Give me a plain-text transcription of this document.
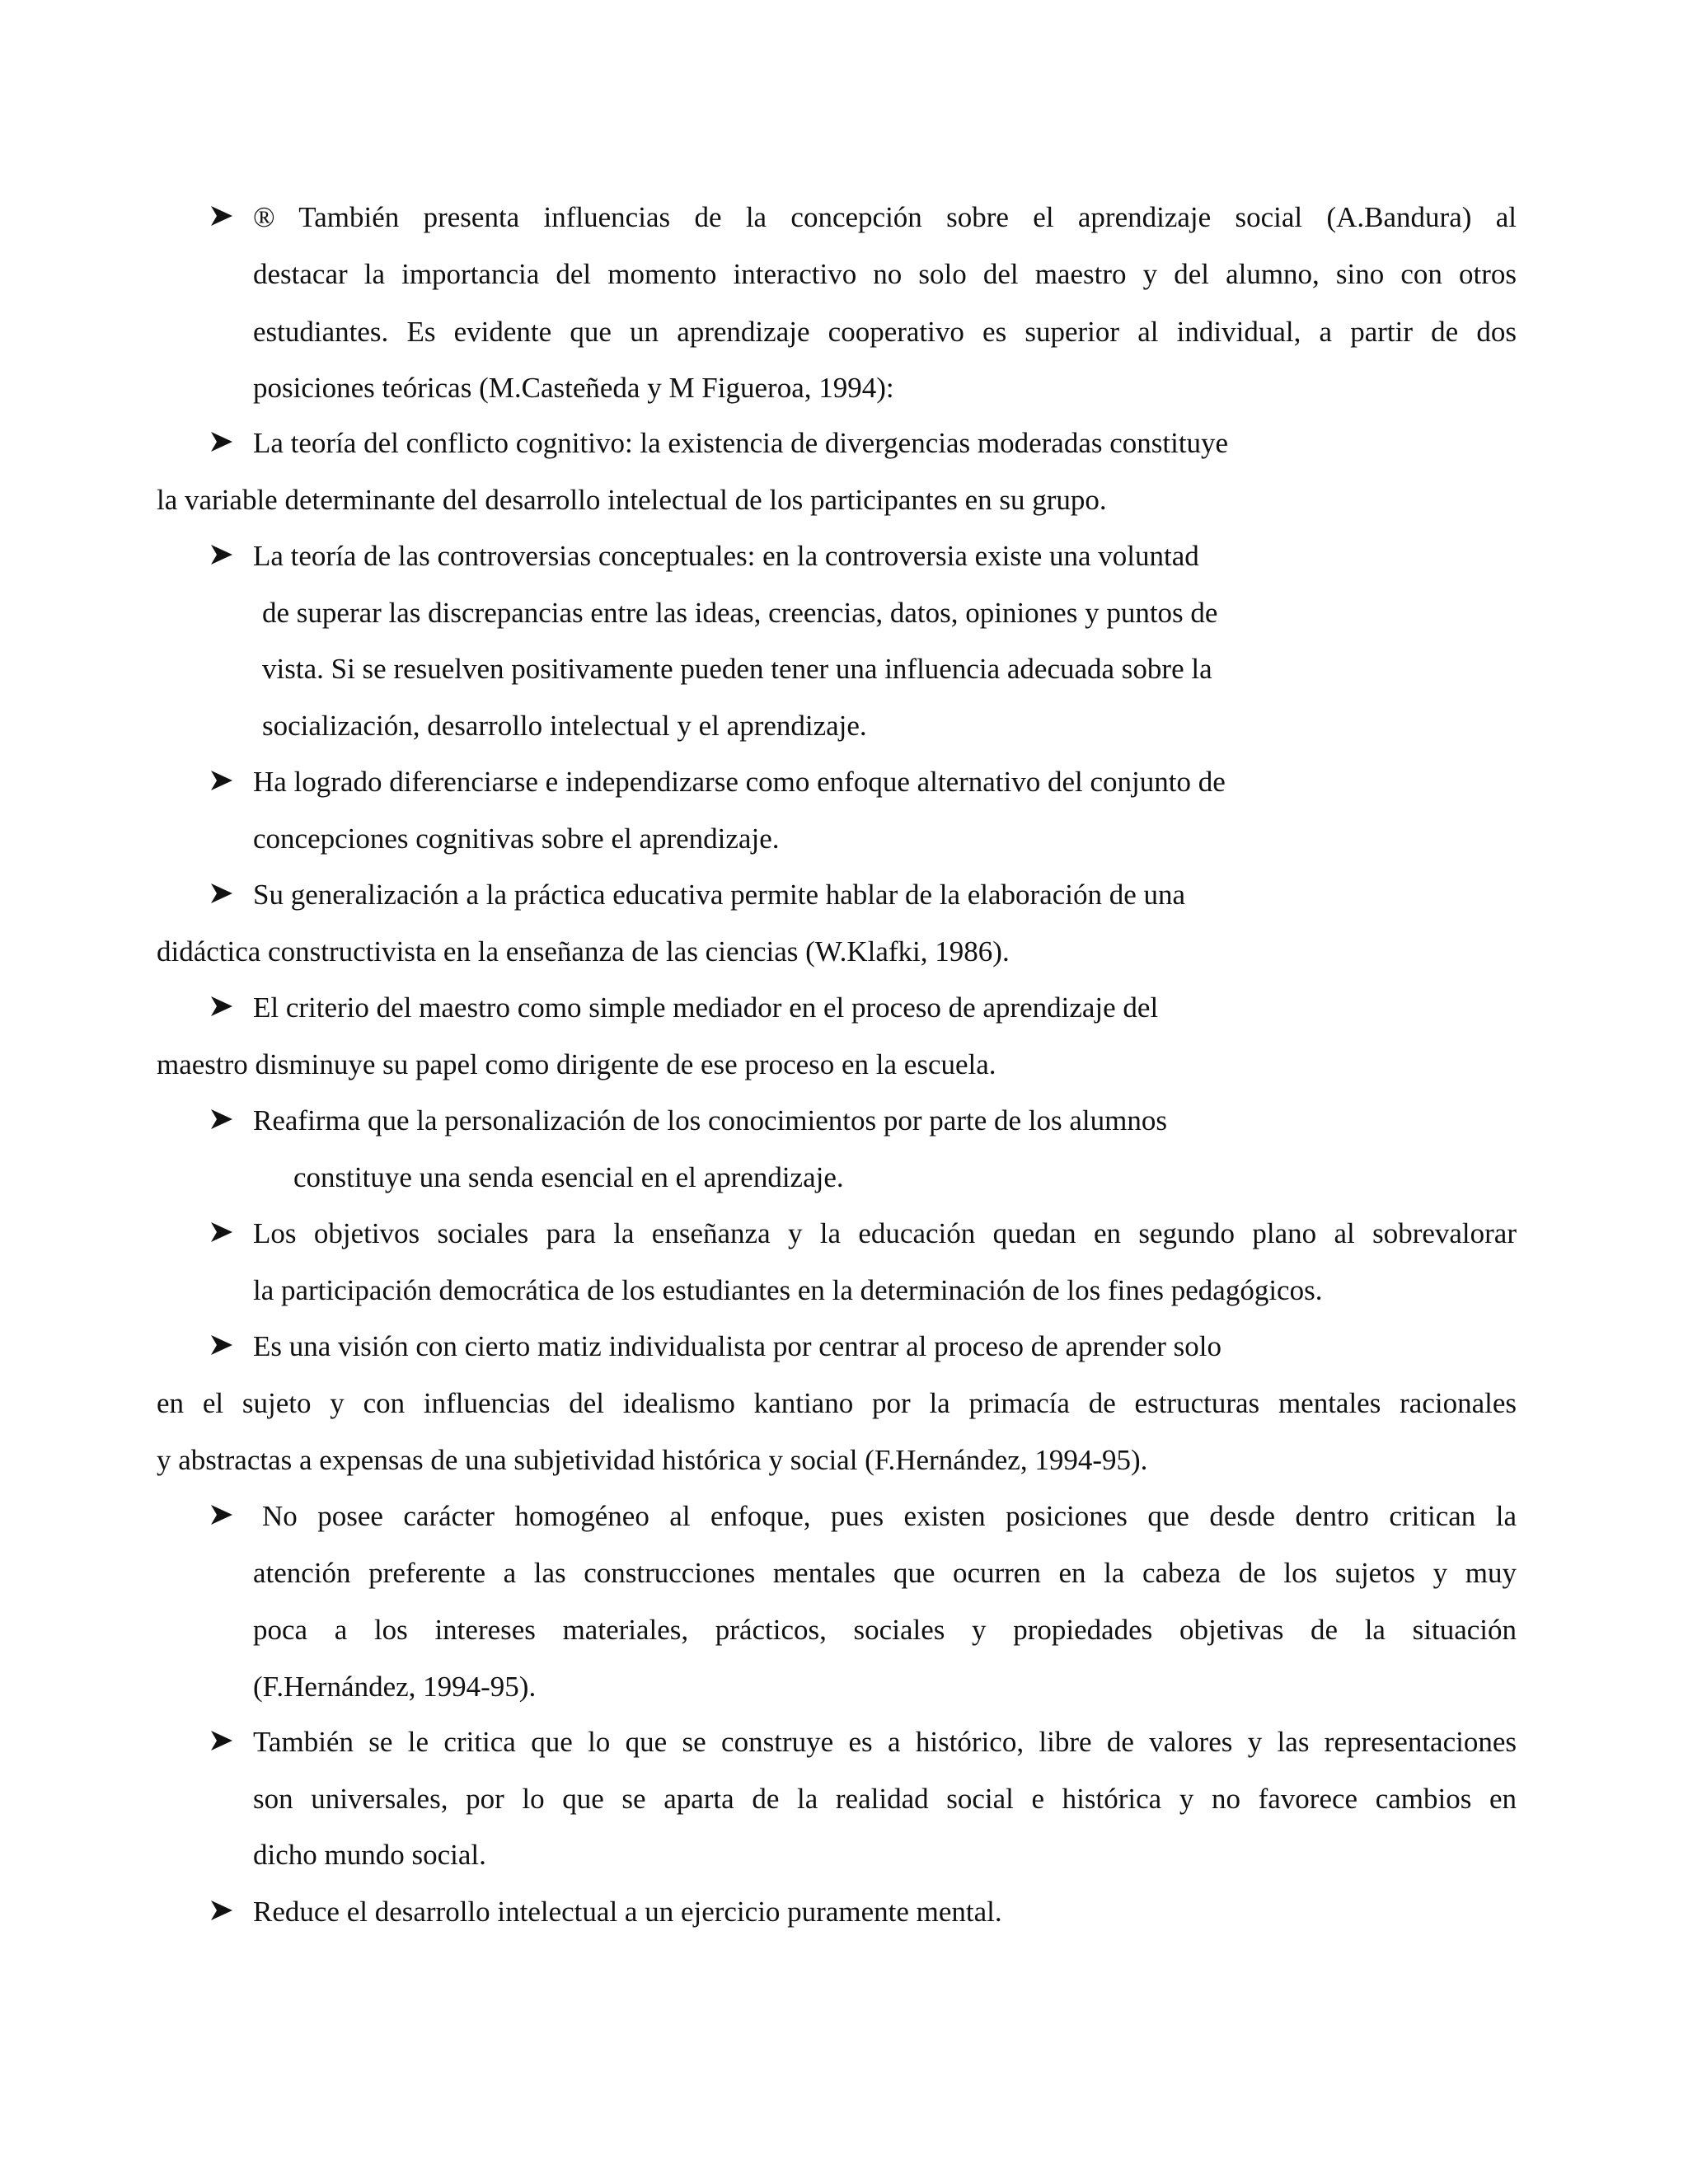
® También presenta influencias de la concepción sobre el aprendizaje social (A.Bandura) al
destacar la importancia del momento interactivo no solo del maestro y del alumno, sino con otros
estudiantes. Es evidente que un aprendizaje cooperativo es superior al individual, a partir de dos
posiciones teóricas (M.Casteñeda y M Figueroa, 1994):
La teoría del conflicto cognitivo: la existencia de divergencias moderadas constituye
la variable determinante del desarrollo intelectual de los participantes en su grupo.
La teoría de las controversias conceptuales: en la controversia existe una voluntad
de superar las discrepancias entre las ideas, creencias, datos, opiniones y puntos de
vista. Si se resuelven positivamente pueden tener una influencia adecuada sobre la
socialización, desarrollo intelectual y el aprendizaje.
Ha logrado diferenciarse e independizarse como enfoque alternativo del conjunto de
concepciones cognitivas sobre el aprendizaje.
Su generalización a la práctica educativa permite hablar de la elaboración de una
didáctica constructivista en la enseñanza de las ciencias (W.Klafki, 1986).
El criterio del maestro como simple mediador en el proceso de aprendizaje del
maestro disminuye su papel como dirigente de ese proceso en la escuela.
Reafirma que la personalización de los conocimientos por parte de los alumnos
constituye una senda esencial en el aprendizaje.
Los objetivos sociales para la enseñanza y la educación quedan en segundo plano al sobrevalorar
la participación democrática de los estudiantes en la determinación de los fines pedagógicos.
Es una visión con cierto matiz individualista por centrar al proceso de aprender solo
en el sujeto y con influencias del idealismo kantiano por la primacía de estructuras mentales racionales
y abstractas a expensas de una subjetividad histórica y social (F.Hernández, 1994-95).
No posee carácter homogéneo al enfoque, pues existen posiciones que desde dentro critican la
atención preferente a las construcciones mentales que ocurren en la cabeza de los sujetos y muy
poca a los intereses materiales, prácticos, sociales y propiedades objetivas de la situación
(F.Hernández, 1994-95).
También se le critica que lo que se construye es a histórico, libre de valores y las representaciones
son universales, por lo que se aparta de la realidad social e histórica y no favorece cambios en
dicho mundo social.
Reduce el desarrollo intelectual a un ejercicio puramente mental.
